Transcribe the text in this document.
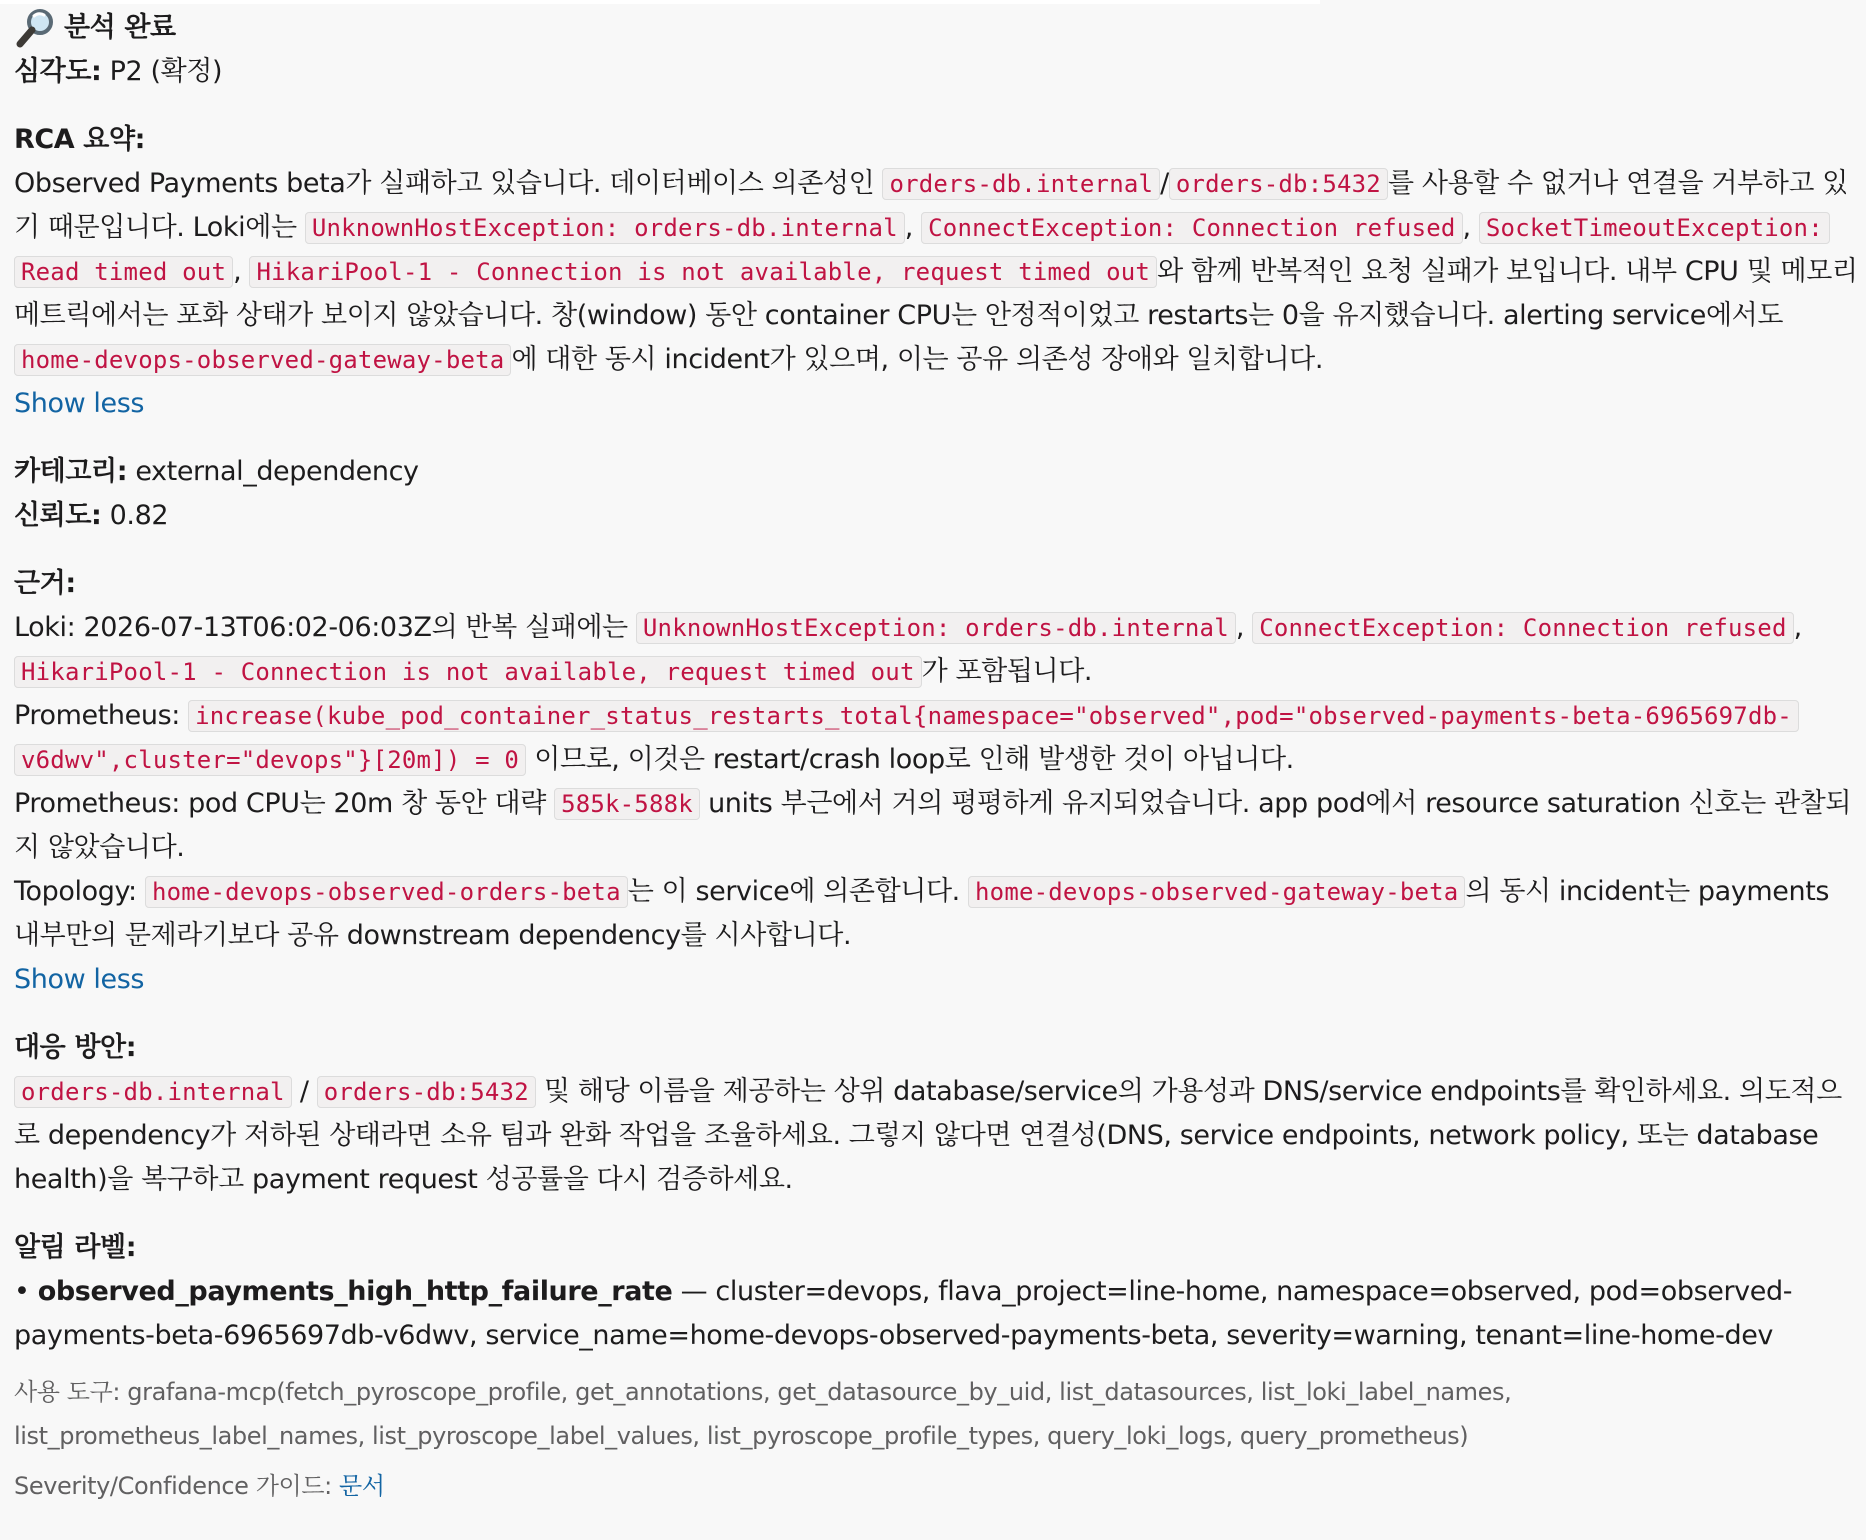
분석 완료
심각도: P2 (확정)
RCA 요약:
Observed Payments beta가 실패하고 있습니다. 데이터베이스 의존성인 orders-db.internal / orders-db:5432 를 사용할 수 없거나 연결을 거부하고 있기 때문입니다. Loki에는 UnknownHostException: orders-db.internal , ConnectException: Connection refused , SocketTimeoutException: Read timed out , HikariPool-1 - Connection is not available, request timed out 와 함께 반복적인 요청 실패가 보입니다. 내부 CPU 및 메모리 메트릭에서는 포화 상태가 보이지 않았습니다. 창(window) 동안 container CPU는 안정적이었고 restarts는 0을 유지했습니다. alerting service에서도 home-devops-observed-gateway-beta 에 대한 동시 incident가 있으며, 이는 공유 의존성 장애와 일치합니다.
Show less
카테고리: external_dependency
신뢰도: 0.82
근거:
Loki: 2026-07-13T06:02-06:03Z의 반복 실패에는 UnknownHostException: orders-db.internal , ConnectException: Connection refused , HikariPool-1 - Connection is not available, request timed out 가 포함됩니다.
Prometheus: increase(kube_pod_container_status_restarts_total{namespace="observed",pod="observed-payments-beta-6965697db-v6dwv",cluster="devops"}[20m]) = 0 이므로, 이것은 restart/crash loop로 인해 발생한 것이 아닙니다.
Prometheus: pod CPU는 20m 창 동안 대략 585k-588k units 부근에서 거의 평평하게 유지되었습니다. app pod에서 resource saturation 신호는 관찰되지 않았습니다.
Topology: home-devops-observed-orders-beta 는 이 service에 의존합니다. home-devops-observed-gateway-beta 의 동시 incident는 payments 내부만의 문제라기보다 공유 downstream dependency를 시사합니다.
Show less
대응 방안:
orders-db.internal / orders-db:5432 및 해당 이름을 제공하는 상위 database/service의 가용성과 DNS/service endpoints를 확인하세요. 의도적으로 dependency가 저하된 상태라면 소유 팀과 완화 작업을 조율하세요. 그렇지 않다면 연결성(DNS, service endpoints, network policy, 또는 database health)을 복구하고 payment request 성공률을 다시 검증하세요.
알림 라벨:
• observed_payments_high_http_failure_rate — cluster=devops, flava_project=line-home, namespace=observed, pod=observed-payments-beta-6965697db-v6dwv, service_name=home-devops-observed-payments-beta, severity=warning, tenant=line-home-dev
사용 도구: grafana-mcp(fetch_pyroscope_profile, get_annotations, get_datasource_by_uid, list_datasources, list_loki_label_names, list_prometheus_label_names, list_pyroscope_label_values, list_pyroscope_profile_types, query_loki_logs, query_prometheus)
Severity/Confidence 가이드: 문서
